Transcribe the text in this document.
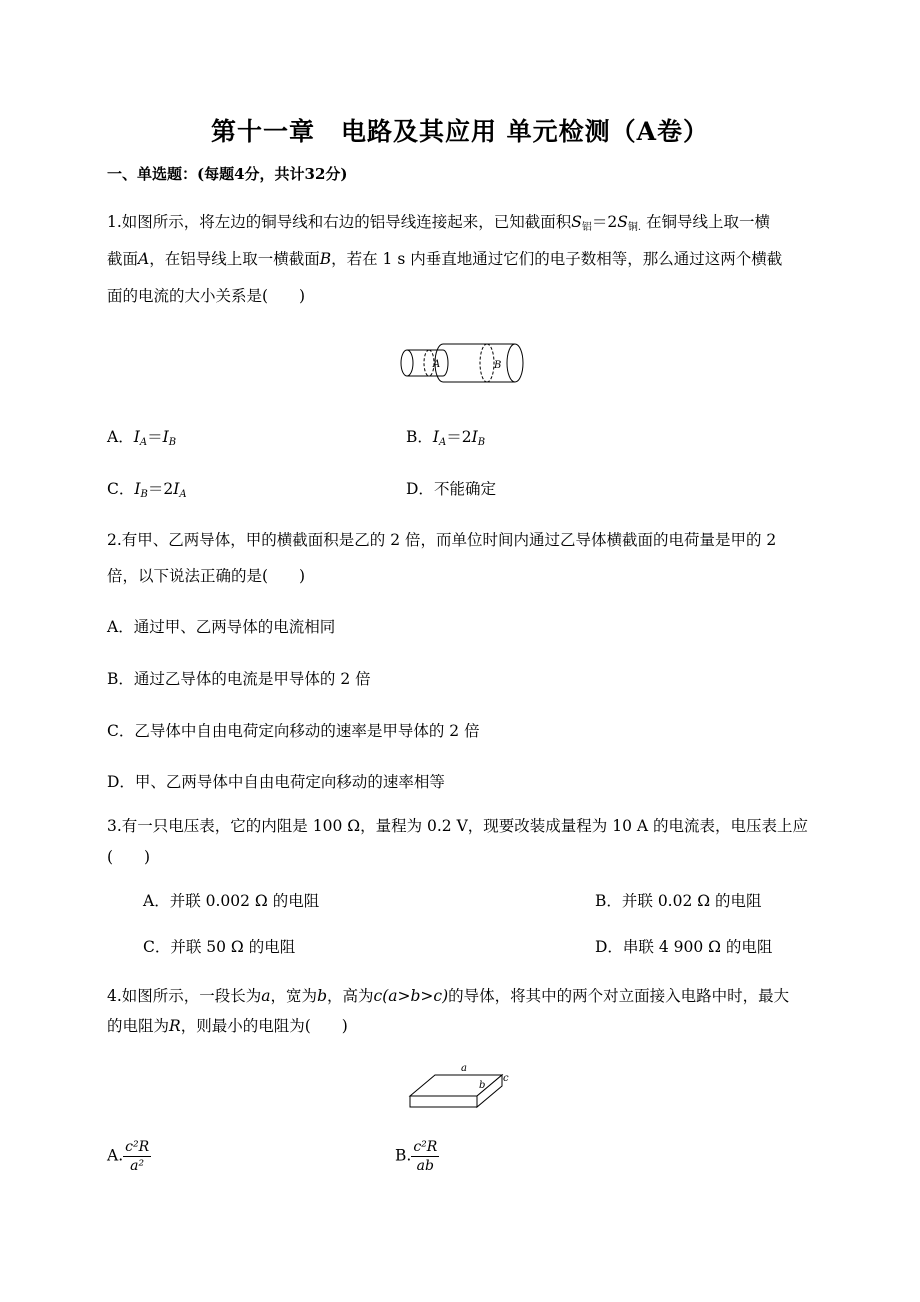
第十一章　电路及其应用 单元检测（A卷）
一、单选题：(每题4分，共计32分)
1.如图所示，将左边的铜导线和右边的铝导线连接起来，已知截面积$S_铝=2S_{铜.}$ 在铜导线上取一横
截面A，在铝导线上取一横截面B，若在 1 s 内垂直地通过它们的电子数相等，那么通过这两个横截
面的电流的大小关系是(　　)
A	B
A．$I_A=I_B$	B．$I_A=2I_B$
C．$I_B=2I_A$	D．不能确定
2.有甲、乙两导体，甲的横截面积是乙的 2 倍，而单位时间内通过乙导体横截面的电荷量是甲的 2
倍，以下说法正确的是(　　)
A．通过甲、乙两导体的电流相同
B．通过乙导体的电流是甲导体的 2 倍
C．乙导体中自由电荷定向移动的速率是甲导体的 2 倍
D．甲、乙两导体中自由电荷定向移动的速率相等
3.有一只电压表，它的内阻是 100 Ω，量程为 0.2 V，现要改装成量程为 10 A 的电流表，电压表上应
(　　)
A．并联 0.002 Ω 的电阻	B．并联 0.02 Ω 的电阻
C．并联 50 Ω 的电阻	D．串联 4 900 Ω 的电阻
4.如图所示，一段长为a，宽为b，高为c(a>b>c)的导体，将其中的两个对立面接入电路中时，最大
的电阻为R，则最小的电阻为(　　)
a
b
c
A. $\frac{\text{c²R}}{\text{a²}}$	B. $\frac{\text{c²R}}{ab}$
